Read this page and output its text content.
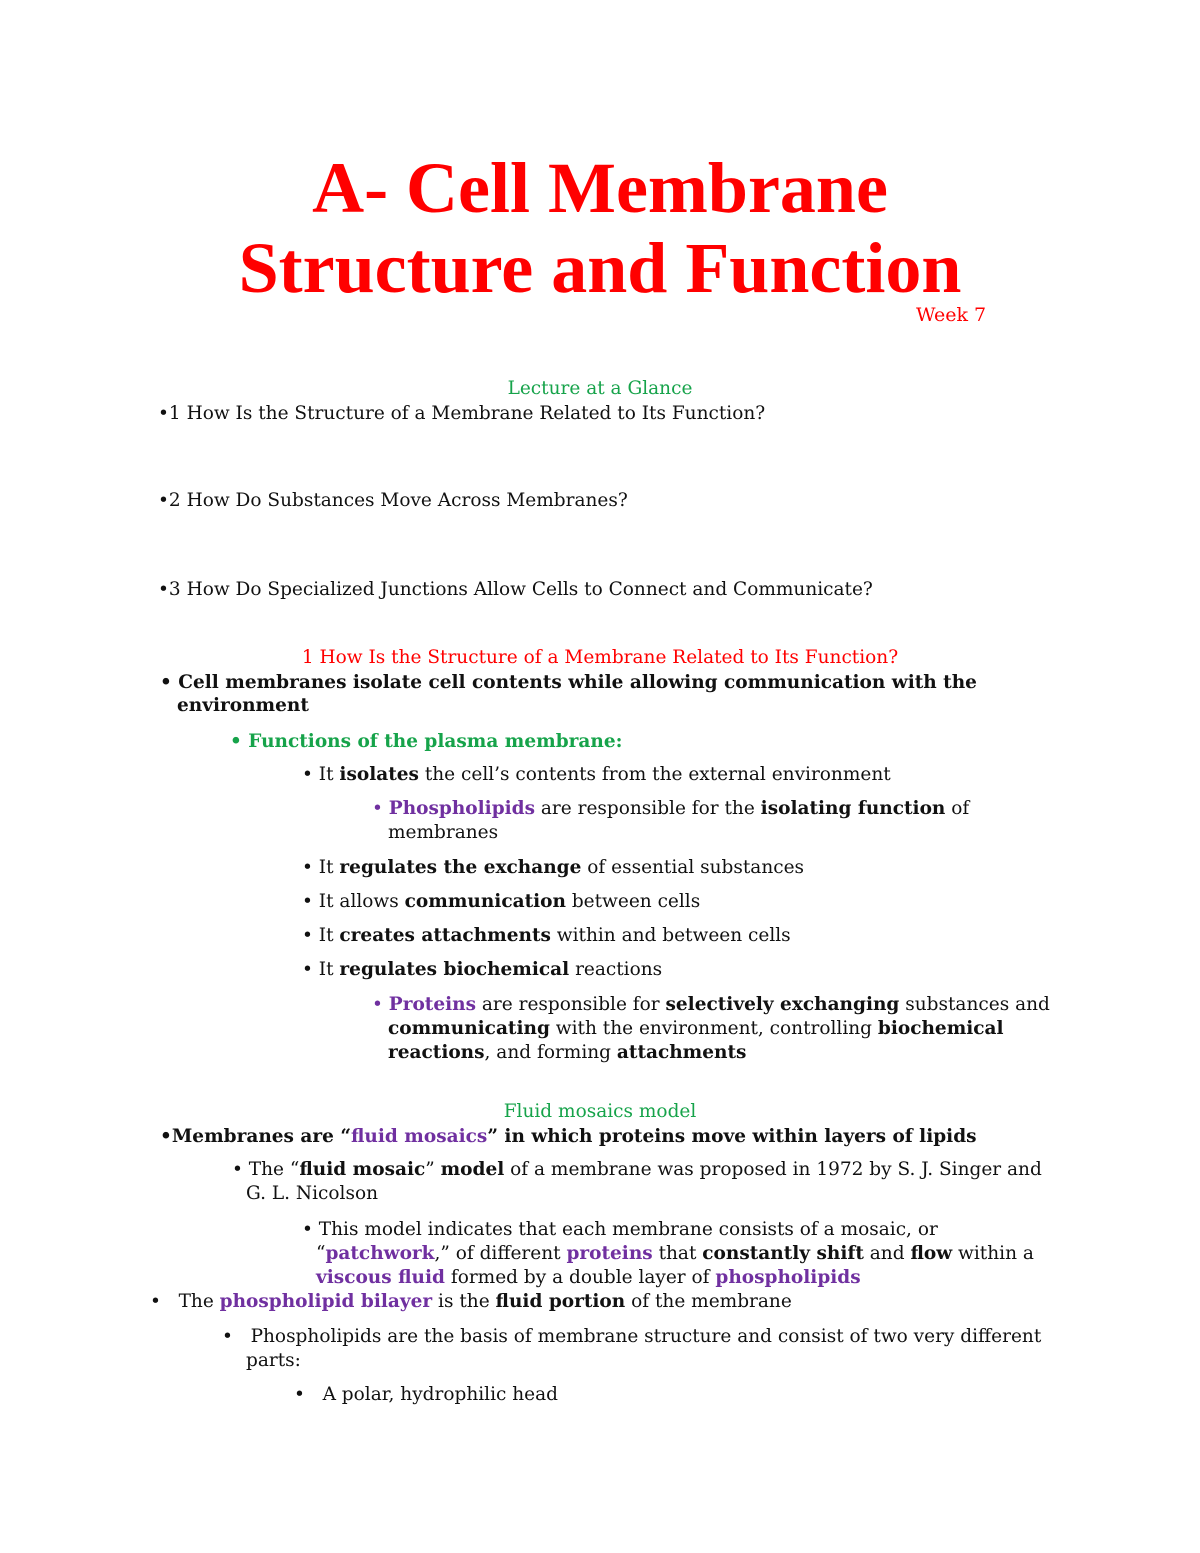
A- Cell Membrane
Structure and Function
Week 7
Lecture at a Glance
•1 How Is the Structure of a Membrane Related to Its Function?
•2 How Do Substances Move Across Membranes?
•3 How Do Specialized Junctions Allow Cells to Connect and Communicate?
1 How Is the Structure of a Membrane Related to Its Function?
• Cell membranes isolate cell contents while allowing communication with the
environment
• Functions of the plasma membrane:
• It isolates the cell’s contents from the external environment
• Phospholipids are responsible for the isolating function of
membranes
• It regulates the exchange of essential substances
• It allows communication between cells
• It creates attachments within and between cells
• It regulates biochemical reactions
• Proteins are responsible for selectively exchanging substances and
communicating with the environment, controlling biochemical
reactions, and forming attachments
Fluid mosaics model
•Membranes are “fluid mosaics” in which proteins move within layers of lipids
• The “fluid mosaic” model of a membrane was proposed in 1972 by S. J. Singer and
G. L. Nicolson
• This model indicates that each membrane consists of a mosaic, or
“patchwork,” of different proteins that constantly shift and flow within a
viscous fluid formed by a double layer of phospholipids
•   The phospholipid bilayer is the fluid portion of the membrane
•   Phospholipids are the basis of membrane structure and consist of two very different
parts:
•   A polar, hydrophilic head
